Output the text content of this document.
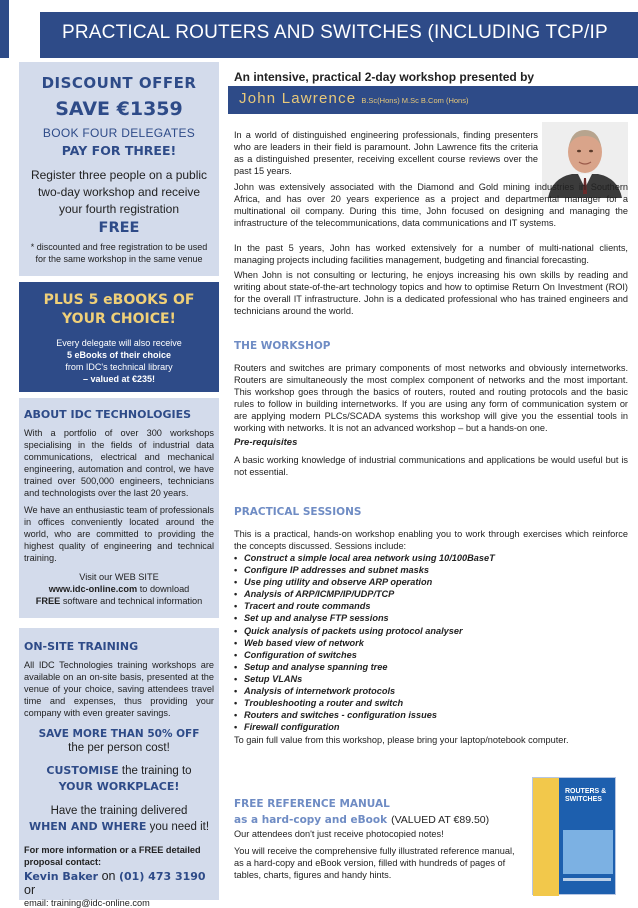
PRACTICAL ROUTERS AND SWITCHES (INCLUDING TCP/IP
DISCOUNT OFFER
SAVE €1359
BOOK FOUR DELEGATES
PAY FOR THREE!
Register three people on a public two-day workshop and receive your fourth registration
FREE
* discounted and free registration to be used for the same workshop in the same venue
PLUS 5 eBOOKS OF YOUR CHOICE!
Every delegate will also receive
5 eBooks of their choice
from IDC's technical library
– valued at €235!
ABOUT IDC TECHNOLOGIES
With a portfolio of over 300 workshops specialising in the fields of industrial data communications, electrical and mechanical engineering, automation and control, we have trained over 500,000 engineers, technicians and technologists over the last 20 years.
We have an enthusiastic team of professionals in offices conveniently located around the world, who are committed to providing the highest quality of engineering and technical training.
Visit our WEB SITE
www.idc-online.com to download
FREE software and technical information
ON-SITE TRAINING
All IDC Technologies training workshops are available on an on-site basis, presented at the venue of your choice, saving attendees travel time and expenses, thus providing your company with even greater savings.
SAVE MORE THAN 50% OFF
the per person cost!
CUSTOMISE the training to
YOUR WORKPLACE!
Have the training delivered
WHEN AND WHERE you need it!
For more information or a FREE detailed proposal contact:
Kevin Baker on (01) 473 3190 or
email: training@idc-online.com
An intensive, practical 2-day workshop presented by
John Lawrence B.Sc(Hons) M.Sc B.Com (Hons)
In a world of distinguished engineering professionals, finding presenters who are leaders in their field is paramount. John Lawrence fits the criteria as a distinguished presenter, receiving excellent course reviews over the past 15 years.
John was extensively associated with the Diamond and Gold mining industries in Southern Africa, and has over 20 years experience as a project and departmental manager for a multinational oil company. During this time, John focused on designing and managing the infrastructure of the telecommunications, data communications and IT systems.
In the past 5 years, John has worked extensively for a number of multi-national clients, managing projects including facilities management, budgeting and financial forecasting.
When John is not consulting or lecturing, he enjoys increasing his own skills by reading and writing about state-of-the-art technology topics and how to optimise Return On Investment (ROI) for the overall IT infrastructure. John is a dedicated professional who has trained engineers and technicians around the world.
THE WORKSHOP
Routers and switches are primary components of most networks and obviously internetworks. Routers are simultaneously the most complex component of networks and the most important. This workshop goes through the basics of routers, routed and routing protocols and the basic rules to follow in building internetworks. If you are using any form of communication system or are applying modern PLCs/SCADA systems this workshop will give you the essential tools in working with networks. It is not an advanced workshop – but a hands-on one.
Pre-requisites
A basic working knowledge of industrial communications and applications be would useful but is not essential.
PRACTICAL SESSIONS
This is a practical, hands-on workshop enabling you to work through exercises which reinforce the concepts discussed. Sessions include:
• Construct a simple local area network using 10/100BaseT
• Configure IP addresses and subnet masks
• Use ping utility and observe ARP operation
• Analysis of ARP/ICMP/IP/UDP/TCP
• Tracert and route commands
• Set up and analyse FTP sessions
• Quick analysis of packets using protocol analyser
• Web based view of network
• Configuration of switches
• Setup and analyse spanning tree
• Setup VLANs
• Analysis of internetwork protocols
• Troubleshooting a router and switch
• Routers and switches - configuration issues
• Firewall configuration
To gain full value from this workshop, please bring your laptop/notebook computer.
FREE REFERENCE MANUAL
as a hard-copy and eBook (VALUED AT €89.50)
Our attendees don't just receive photocopied notes!
You will receive the comprehensive fully illustrated reference manual, as a hard-copy and eBook version, filled with hundreds of pages of tables, charts, figures and handy hints.
ROUTERS & SWITCHES
